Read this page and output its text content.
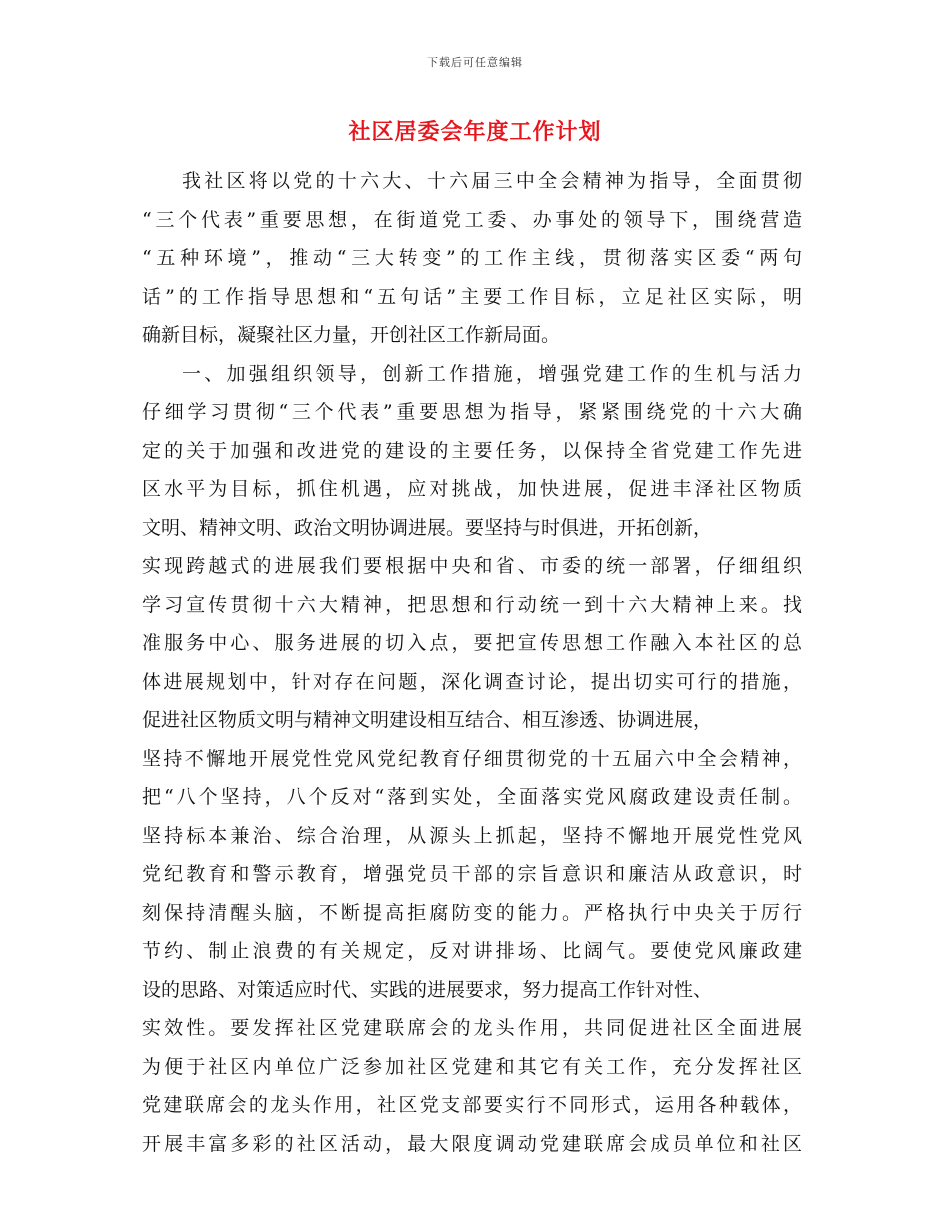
下载后可任意编辑
社区居委会年度工作计划
我社区将以党的十六大、十六届三中全会精神为指导，全面贯彻
“三个代表”重要思想，在街道党工委、办事处的领导下，围绕营造
“五种环境”，推动“三大转变”的工作主线，贯彻落实区委“两句
话”的工作指导思想和“五句话”主要工作目标，立足社区实际，明
确新目标，凝聚社区力量，开创社区工作新局面。
一、加强组织领导，创新工作措施，增强党建工作的生机与活力
仔细学习贯彻“三个代表”重要思想为指导，紧紧围绕党的十六大确
定的关于加强和改进党的建设的主要任务，以保持全省党建工作先进
区水平为目标，抓住机遇，应对挑战，加快进展，促进丰泽社区物质
文明、精神文明、政治文明协调进展。要坚持与时俱进，开拓创新，
实现跨越式的进展我们要根据中央和省、市委的统一部署，仔细组织
学习宣传贯彻十六大精神，把思想和行动统一到十六大精神上来。找
准服务中心、服务进展的切入点，要把宣传思想工作融入本社区的总
体进展规划中，针对存在问题，深化调查讨论，提出切实可行的措施，
促进社区物质文明与精神文明建设相互结合、相互渗透、协调进展，
坚持不懈地开展党性党风党纪教育仔细贯彻党的十五届六中全会精神，
把“八个坚持，八个反对“落到实处，全面落实党风腐政建设责任制。
坚持标本兼治、综合治理，从源头上抓起，坚持不懈地开展党性党风
党纪教育和警示教育，增强党员干部的宗旨意识和廉洁从政意识，时
刻保持清醒头脑，不断提高拒腐防变的能力。严格执行中央关于厉行
节约、制止浪费的有关规定，反对讲排场、比阔气。要使党风廉政建
设的思路、对策适应时代、实践的进展要求，努力提高工作针对性、
实效性。要发挥社区党建联席会的龙头作用，共同促进社区全面进展
为便于社区内单位广泛参加社区党建和其它有关工作，充分发挥社区
党建联席会的龙头作用，社区党支部要实行不同形式，运用各种载体，
开展丰富多彩的社区活动，最大限度调动党建联席会成员单位和社区
